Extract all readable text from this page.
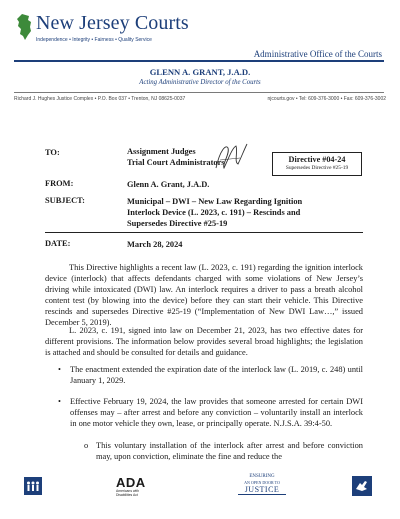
New Jersey Courts
Independence • Integrity • Fairness • Quality Service
Administrative Office of the Courts
GLENN A. GRANT, J.A.D.
Acting Administrative Director of the Courts
Richard J. Hughes Justice Complex • P.O. Box 037 • Trenton, NJ 08625-0037	njcourts.gov • Tel: 609-376-3000 • Fax: 609-376-3002
TO:	Assignment Judges
Trial Court Administrators	Directive #04-24
Supersedes Directive #25-19
FROM:	Glenn A. Grant, J.A.D.
SUBJECT:	Municipal – DWI – New Law Regarding Ignition
Interlock Device (L. 2023, c. 191) – Rescinds and
Supersedes Directive #25-19
DATE:	March 28, 2024
This Directive highlights a recent law (L. 2023, c. 191) regarding the ignition interlock device (interlock) that affects defendants charged with some violations of New Jersey’s driving while intoxicated (DWI) law. An interlock requires a driver to pass a breath alcohol content test (by blowing into the device) before they can start their vehicle. This Directive rescinds and supersedes Directive #25-19 (“Implementation of New DWI Law…,” issued December 5, 2019).
L. 2023, c. 191, signed into law on December 21, 2023, has two effective dates for different provisions. The information below provides several broad highlights; the legislation is attached and should be consulted for details and guidance.
• The enactment extended the expiration date of the interlock law (L. 2019, c. 248) until January 1, 2029.
• Effective February 19, 2024, the law provides that someone arrested for certain DWI offenses may – after arrest and before any conviction – voluntarily install an interlock in one motor vehicle they own, lease, or principally operate. N.J.S.A. 39:4-50.
o This voluntary installation of the interlock after arrest and before conviction may, upon conviction, eliminate the fine and reduce the
ADA
Americans with Disabilities Act
ENSURING
AN OPEN DOOR TO
JUSTICE
